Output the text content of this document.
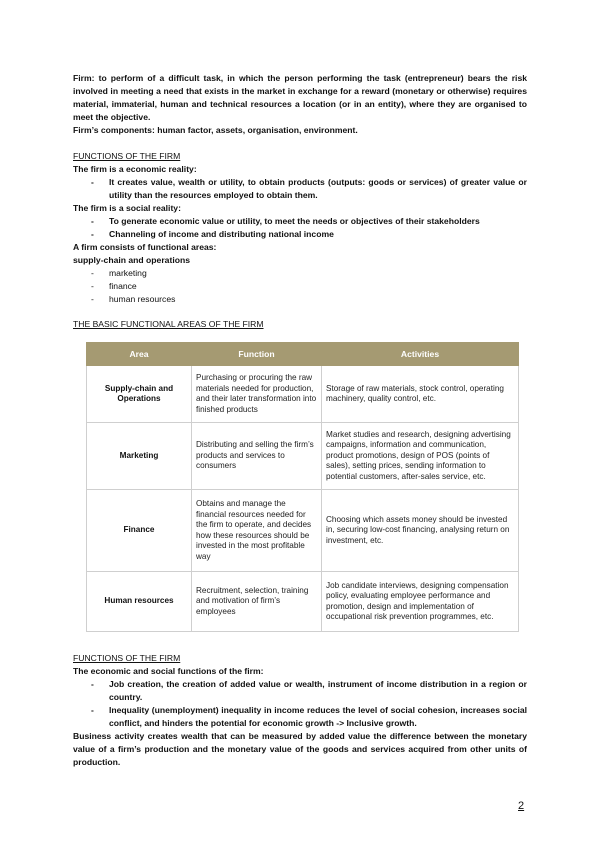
Firm: to perform of a difficult task, in which the person performing the task (entrepreneur) bears the risk involved in meeting a need that exists in the market in exchange for a reward (monetary or otherwise) requires material, immaterial, human and technical resources a location (or in an entity), where they are organised to meet the objective.

Firm’s components: human factor, assets, organisation, environment.

FUNCTIONS OF THE FIRM

The firm is a economic reality:

- It creates value, wealth or utility, to obtain products (outputs: goods or services) of greater value or utility than the resources employed to obtain them.

The firm is a social reality:

- To generate economic value or utility, to meet the needs or objectives of their stakeholders
- Channeling of income and distributing national income

A firm consists of functional areas:

supply-chain and operations

- marketing
- finance
- human resources

THE BASIC FUNCTIONAL AREAS OF THE FIRM

Area	Function	Activities
Supply-chain and Operations	Purchasing or procuring the raw materials needed for production, and their later transformation into finished products	Storage of raw materials, stock control, operating machinery, quality control, etc.
Marketing	Distributing and selling the firm’s products and services to consumers	Market studies and research, designing advertising campaigns, information and communication, product promotions, design of POS (points of sales), setting prices, sending information to potential customers, after-sales service, etc.
Finance	Obtains and manage the financial resources needed for the firm to operate, and decides how these resources should be invested in the most profitable way	Choosing which assets money should be invested in, securing low-cost financing, analysing return on investment, etc.
Human resources	Recruitment, selection, training and motivation of firm’s employees	Job candidate interviews, designing compensation policy, evaluating employee performance and promotion, design and implementation of occupational risk prevention programmes, etc.

FUNCTIONS OF THE FIRM

The economic and social functions of the firm:

- Job creation, the creation of added value or wealth, instrument of income distribution in a region or country.
- Inequality (unemployment) inequality in income reduces the level of social cohesion, increases social conflict, and hinders the potential for economic growth -> Inclusive growth.

Business activity creates wealth that can be measured by added value the difference between the monetary value of a firm’s production and the monetary value of the goods and services acquired from other units of production.

2
